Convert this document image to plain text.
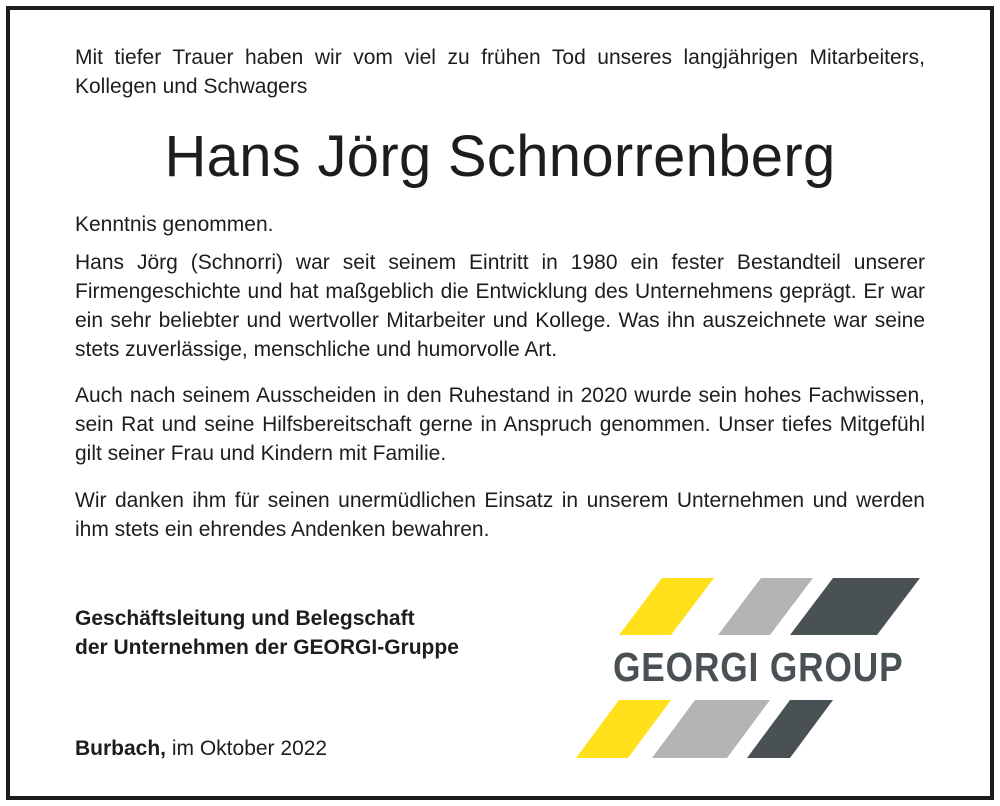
Mit tiefer Trauer haben wir vom viel zu frühen Tod unseres langjährigen Mitarbeiters, Kollegen und Schwagers
Hans Jörg Schnorrenberg
Kenntnis genommen.
Hans Jörg (Schnorri) war seit seinem Eintritt in 1980 ein fester Bestandteil unserer Firmengeschichte und hat maßgeblich die Entwicklung des Unternehmens geprägt. Er war ein sehr beliebter und wertvoller Mitarbeiter und Kollege. Was ihn auszeichnete war seine stets zuverlässige, menschliche und humorvolle Art.
Auch nach seinem Ausscheiden in den Ruhestand in 2020 wurde sein hohes Fachwissen, sein Rat und seine Hilfsbereitschaft gerne in Anspruch genommen. Unser tiefes Mitgefühl gilt seiner Frau und Kindern mit Familie.
Wir danken ihm für seinen unermüdlichen Einsatz in unserem Unternehmen und werden ihm stets ein ehrendes Andenken bewahren.
Geschäftsleitung und Belegschaft
der Unternehmen der GEORGI-Gruppe
Burbach, im Oktober 2022
GEORGI GROUP
